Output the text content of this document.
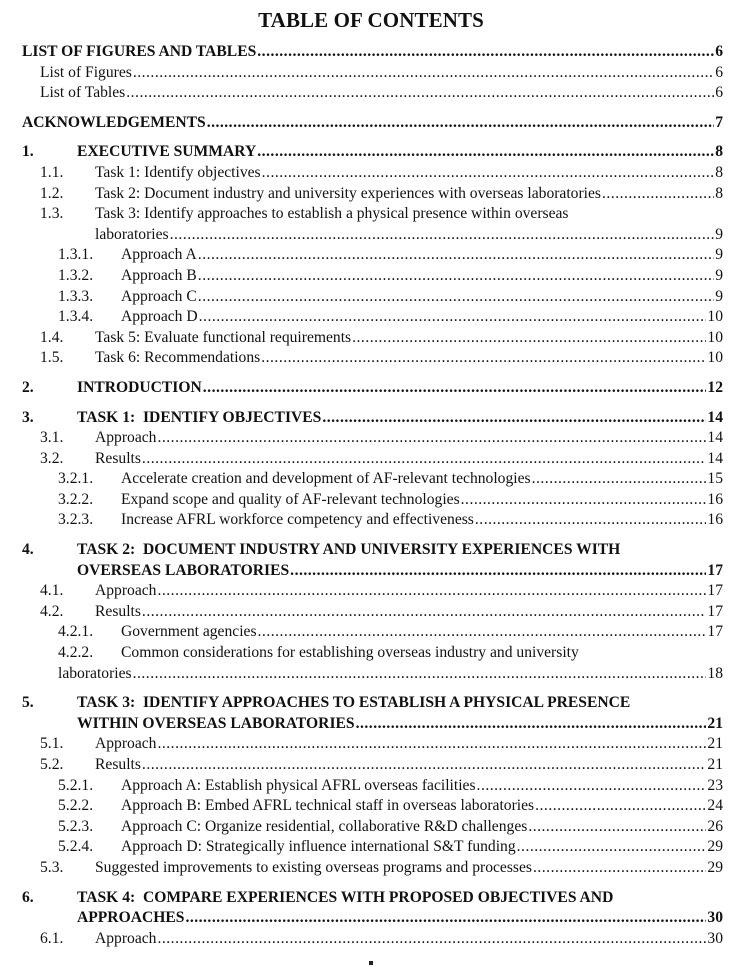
TABLE OF CONTENTS
LIST OF FIGURES AND TABLES .....	6
List of Figures .....	6
List of Tables .....	6
ACKNOWLEDGEMENTS .....	7
1.	EXECUTIVE SUMMARY .....	8
1.1. Task 1: Identify objectives .....	8
1.2. Task 2: Document industry and university experiences with overseas laboratories .....	8
1.3. Task 3: Identify approaches to establish a physical presence within overseas
laboratories .....	9
1.3.1. Approach A .....	9
1.3.2. Approach B .....	9
1.3.3. Approach C .....	9
1.3.4. Approach D .....	10
1.4. Task 5: Evaluate functional requirements .....	10
1.5. Task 6: Recommendations .....	10
2.	INTRODUCTION .....	12
3.	TASK 1:  IDENTIFY OBJECTIVES .....	14
3.1. Approach .....	14
3.2. Results .....	14
3.2.1. Accelerate creation and development of AF-relevant technologies .....	15
3.2.2. Expand scope and quality of AF-relevant technologies .....	16
3.2.3. Increase AFRL workforce competency and effectiveness .....	16
4.	TASK 2:  DOCUMENT INDUSTRY AND UNIVERSITY EXPERIENCES WITH
OVERSEAS LABORATORIES .....	17
4.1. Approach .....	17
4.2. Results .....	17
4.2.1. Government agencies .....	17
4.2.2. Common considerations for establishing overseas industry and university
laboratories .....	18
5.	TASK 3:  IDENTIFY APPROACHES TO ESTABLISH A PHYSICAL PRESENCE
WITHIN OVERSEAS LABORATORIES .....	21
5.1. Approach .....	21
5.2. Results .....	21
5.2.1. Approach A: Establish physical AFRL overseas facilities .....	23
5.2.2. Approach B: Embed AFRL technical staff in overseas laboratories .....	24
5.2.3. Approach C: Organize residential, collaborative R&D challenges .....	26
5.2.4. Approach D: Strategically influence international S&T funding .....	29
5.3. Suggested improvements to existing overseas programs and processes .....	29
6.	TASK 4:  COMPARE EXPERIENCES WITH PROPOSED OBJECTIVES AND
APPROACHES .....	30
6.1. Approach .....	30
